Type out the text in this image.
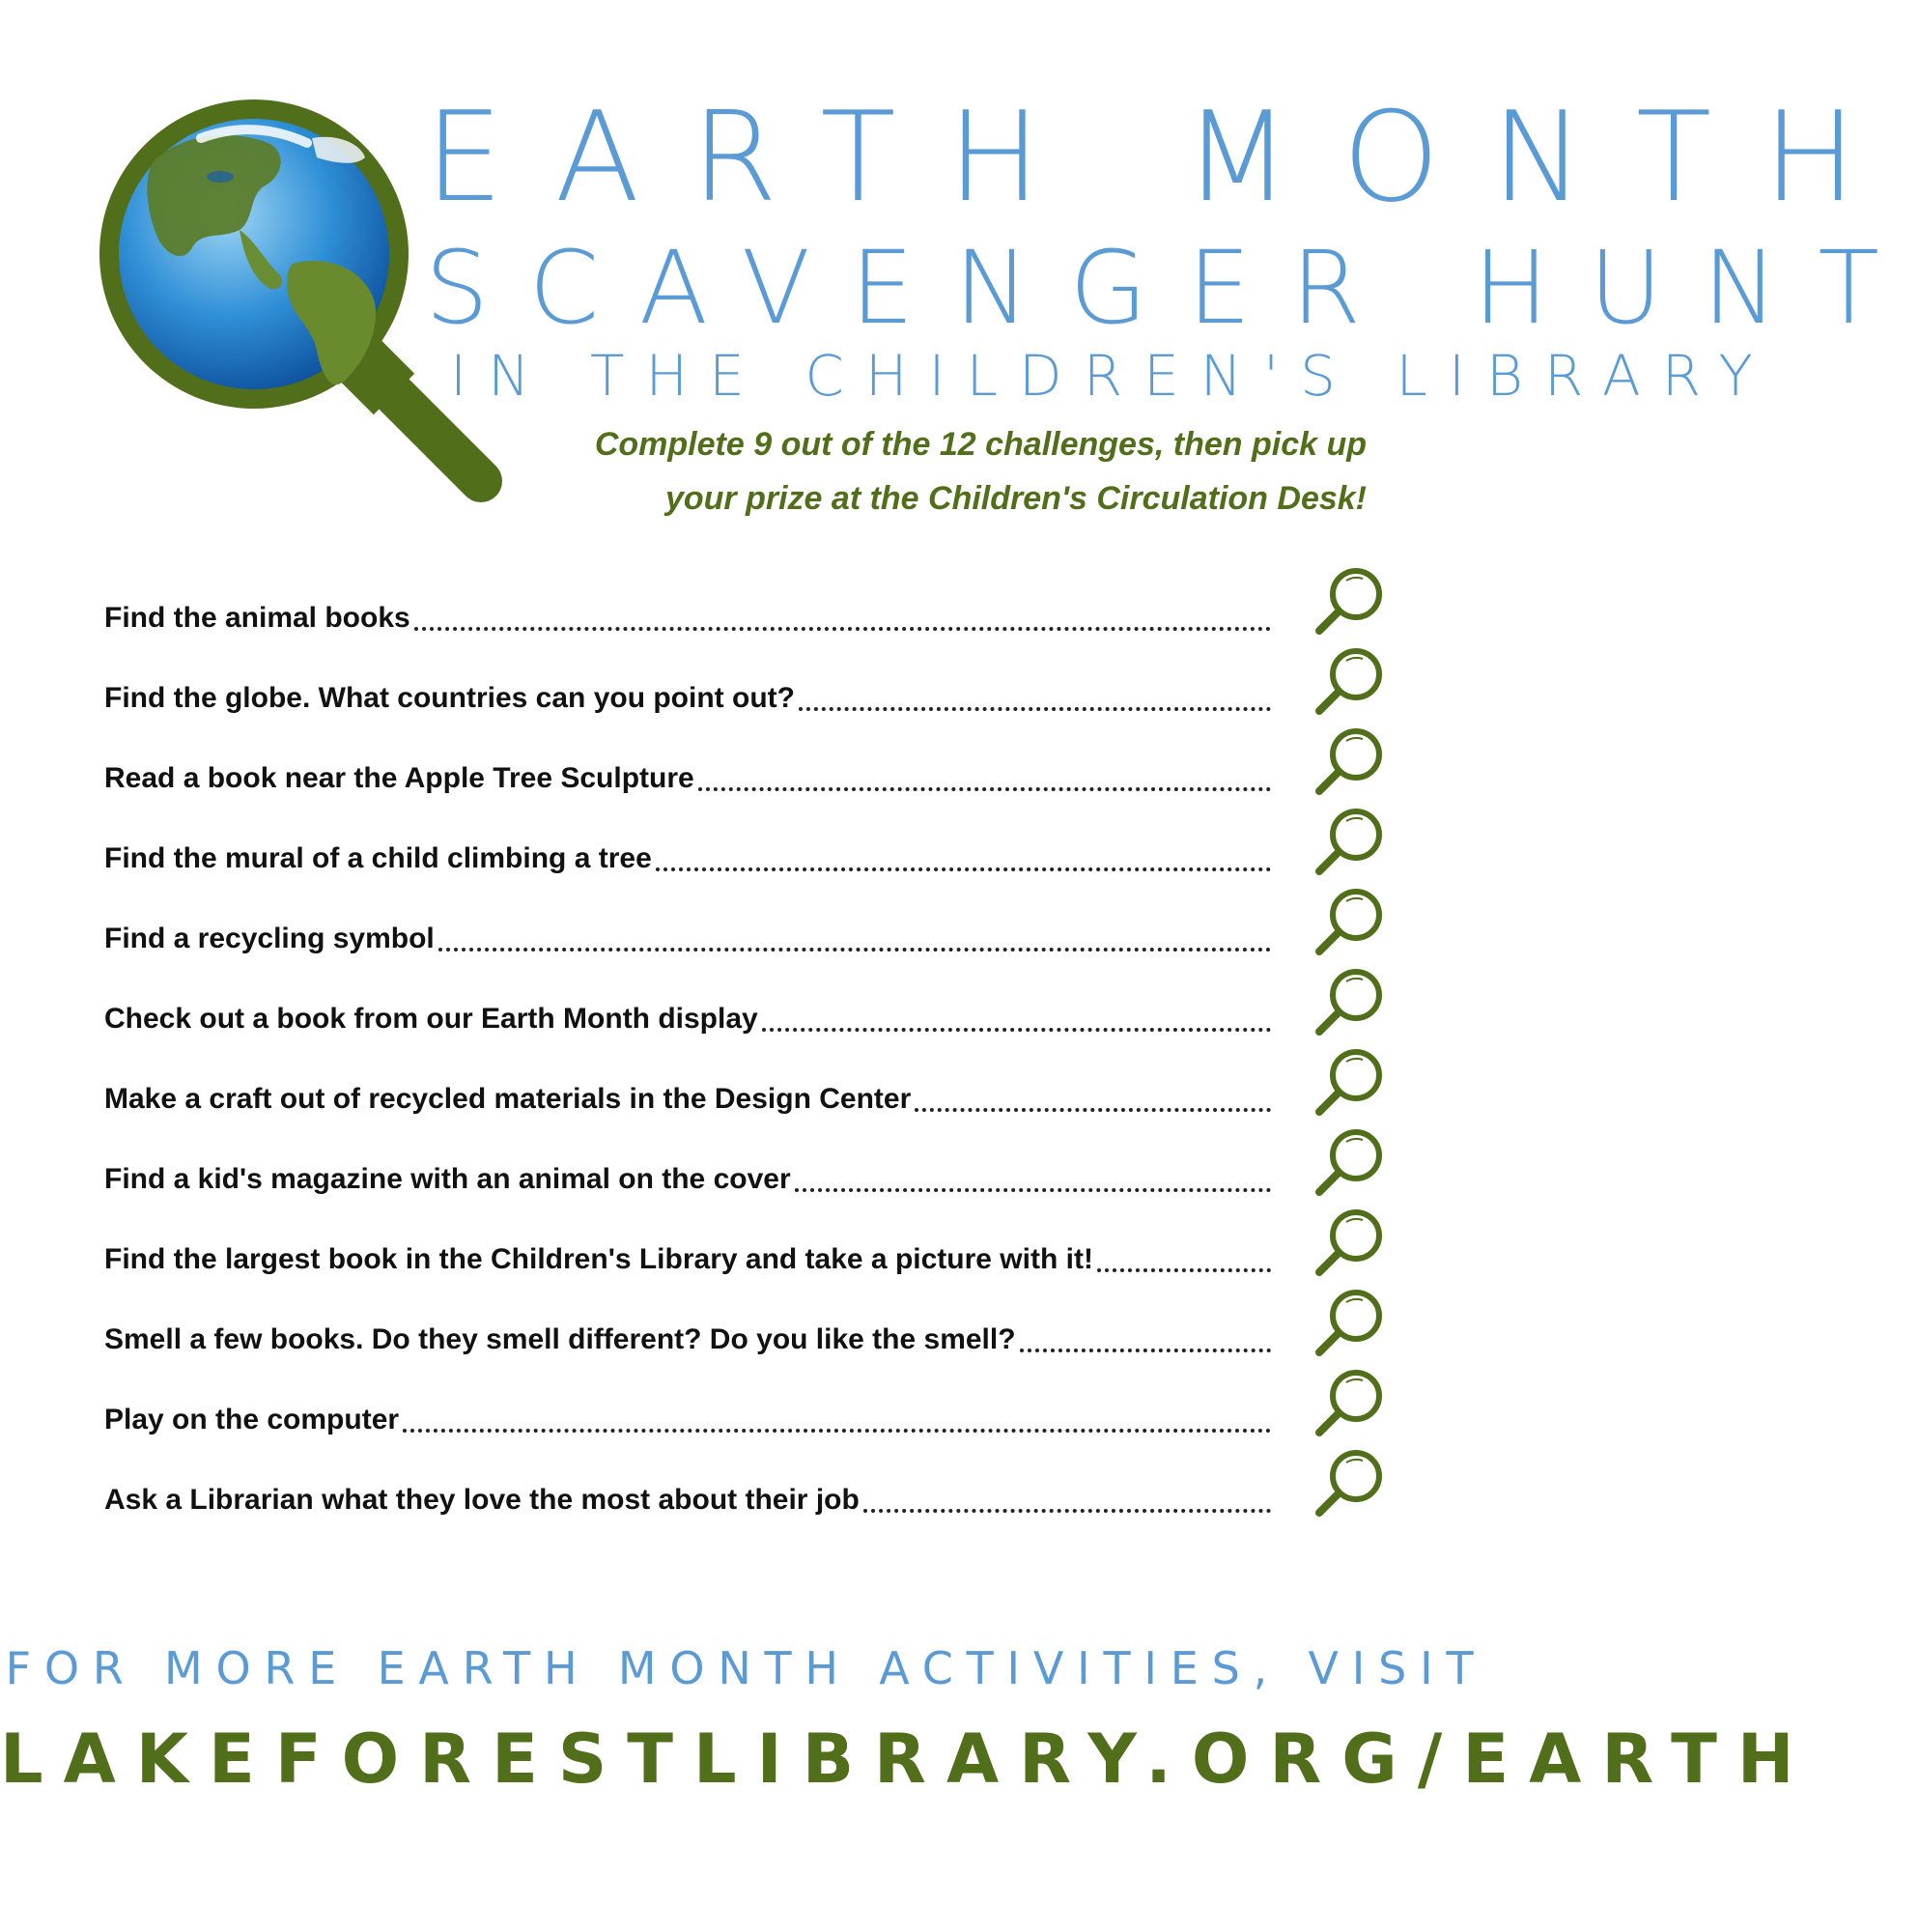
EARTH MONTH
SCAVENGER HUNT
IN THE CHILDREN'S LIBRARY
Complete 9 out of the 12 challenges, then pick up
your prize at the Children's Circulation Desk!
Find the animal books
Find the globe. What countries can you point out?
Read a book near the Apple Tree Sculpture
Find the mural of a child climbing a tree
Find a recycling symbol
Check out a book from our Earth Month display
Make a craft out of recycled materials in the Design Center
Find a kid's magazine with an animal on the cover
Find the largest book in the Children's Library and take a picture with it!
Smell a few books. Do they smell different? Do you like the smell?
Play on the computer
Ask a Librarian what they love the most about their job
FOR MORE EARTH MONTH ACTIVITIES, VISIT
LAKEFORESTLIBRARY.ORG/EARTH
